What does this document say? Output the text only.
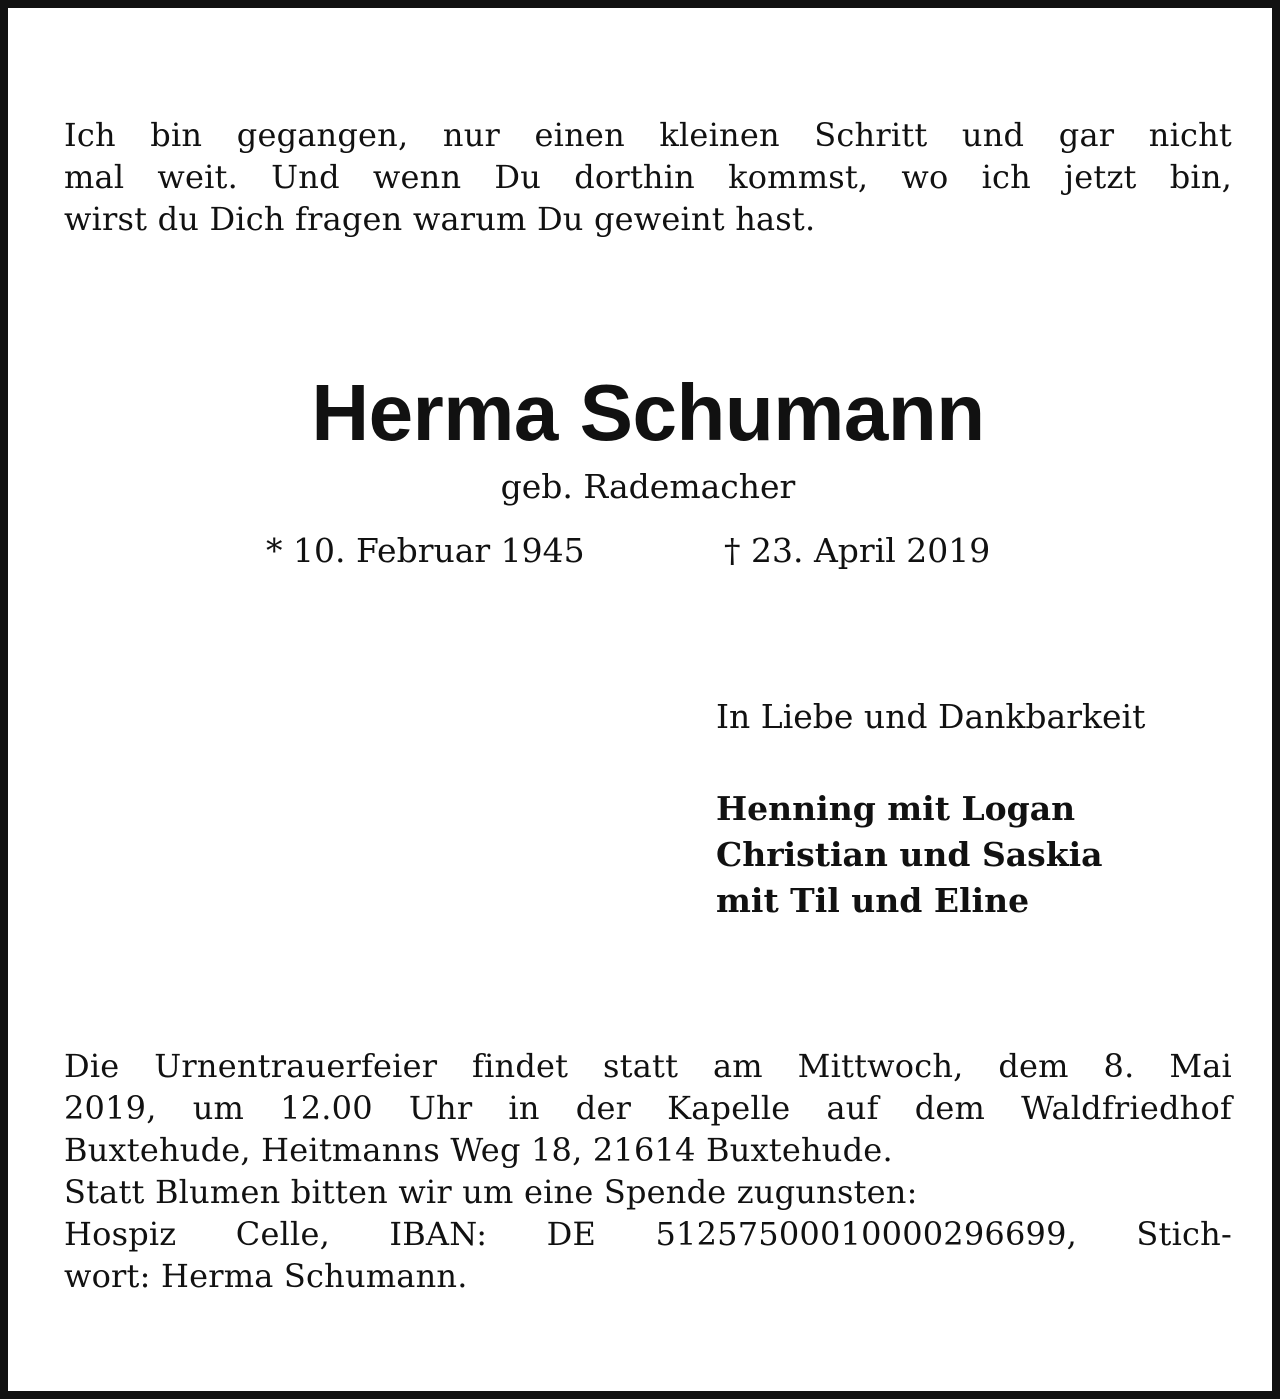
Ich bin gegangen, nur einen kleinen Schritt und gar nicht
mal weit. Und wenn Du dorthin kommst, wo ich jetzt bin,
wirst du Dich fragen warum Du geweint hast.
Herma Schumann
geb. Rademacher
* 10. Februar 1945	† 23. April 2019
In Liebe und Dankbarkeit
Henning mit Logan
Christian und Saskia
mit Til und Eline
Die Urnentrauerfeier findet statt am Mittwoch, dem 8. Mai
2019, um 12.00 Uhr in der Kapelle auf dem Waldfriedhof
Buxtehude, Heitmanns Weg 18, 21614 Buxtehude.
Statt Blumen bitten wir um eine Spende zugunsten:
Hospiz Celle, IBAN: DE 51257500010000296699, Stich-
wort: Herma Schumann.
